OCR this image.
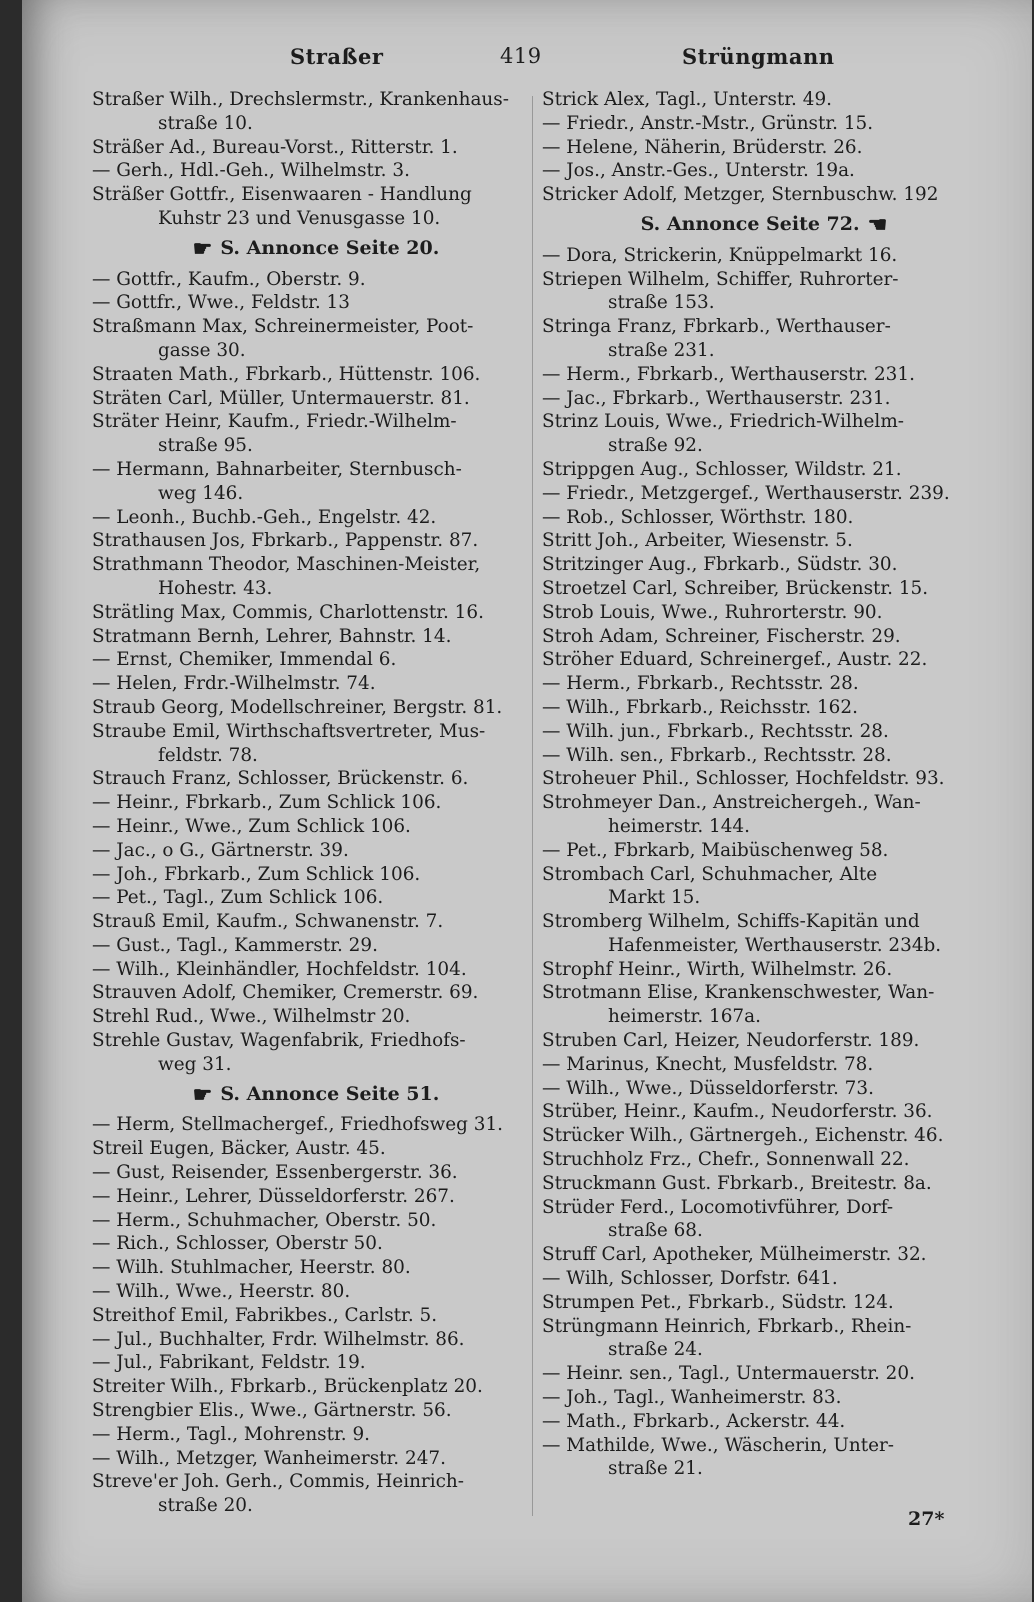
Straßer	419	Strüngmann
Straßer Wilh., Drechslermstr., Krankenhaus-
straße 10.
Sträßer Ad., Bureau-Vorst., Ritterstr. 1.
— Gerh., Hdl.-Geh., Wilhelmstr. 3.
Sträßer Gottfr., Eisenwaaren - Handlung
Kuhstr 23 und Venusgasse 10.
☛ S. Annonce Seite 20.
— Gottfr., Kaufm., Oberstr. 9.
— Gottfr., Wwe., Feldstr. 13
Straßmann Max, Schreinermeister, Poot-
gasse 30.
Straaten Math., Fbrkarb., Hüttenstr. 106.
Sträten Carl, Müller, Untermauerstr. 81.
Sträter Heinr, Kaufm., Friedr.-Wilhelm-
straße 95.
— Hermann, Bahnarbeiter, Sternbusch-
weg 146.
— Leonh., Buchb.-Geh., Engelstr. 42.
Strathausen Jos, Fbrkarb., Pappenstr. 87.
Strathmann Theodor, Maschinen-Meister,
Hohestr. 43.
Strätling Max, Commis, Charlottenstr. 16.
Stratmann Bernh, Lehrer, Bahnstr. 14.
— Ernst, Chemiker, Immendal 6.
— Helen, Frdr.-Wilhelmstr. 74.
Straub Georg, Modellschreiner, Bergstr. 81.
Straube Emil, Wirthschaftsvertreter, Mus-
feldstr. 78.
Strauch Franz, Schlosser, Brückenstr. 6.
— Heinr., Fbrkarb., Zum Schlick 106.
— Heinr., Wwe., Zum Schlick 106.
— Jac., o G., Gärtnerstr. 39.
— Joh., Fbrkarb., Zum Schlick 106.
— Pet., Tagl., Zum Schlick 106.
Strauß Emil, Kaufm., Schwanenstr. 7.
— Gust., Tagl., Kammerstr. 29.
— Wilh., Kleinhändler, Hochfeldstr. 104.
Strauven Adolf, Chemiker, Cremerstr. 69.
Strehl Rud., Wwe., Wilhelmstr 20.
Strehle Gustav, Wagenfabrik, Friedhofs-
weg 31.
☛ S. Annonce Seite 51.
— Herm, Stellmachergef., Friedhofsweg 31.
Streil Eugen, Bäcker, Austr. 45.
— Gust, Reisender, Essenbergerstr. 36.
— Heinr., Lehrer, Düsseldorferstr. 267.
— Herm., Schuhmacher, Oberstr. 50.
— Rich., Schlosser, Oberstr 50.
— Wilh. Stuhlmacher, Heerstr. 80.
— Wilh., Wwe., Heerstr. 80.
Streithof Emil, Fabrikbes., Carlstr. 5.
— Jul., Buchhalter, Frdr. Wilhelmstr. 86.
— Jul., Fabrikant, Feldstr. 19.
Streiter Wilh., Fbrkarb., Brückenplatz 20.
Strengbier Elis., Wwe., Gärtnerstr. 56.
— Herm., Tagl., Mohrenstr. 9.
— Wilh., Metzger, Wanheimerstr. 247.
Streve'er Joh. Gerh., Commis, Heinrich-
straße 20.
Strick Alex, Tagl., Unterstr. 49.
— Friedr., Anstr.-Mstr., Grünstr. 15.
— Helene, Näherin, Brüderstr. 26.
— Jos., Anstr.-Ges., Unterstr. 19a.
Stricker Adolf, Metzger, Sternbuschw. 192
S. Annonce Seite 72. ☚
— Dora, Strickerin, Knüppelmarkt 16.
Striepen Wilhelm, Schiffer, Ruhrorter-
straße 153.
Stringa Franz, Fbrkarb., Werthauser-
straße 231.
— Herm., Fbrkarb., Werthauserstr. 231.
— Jac., Fbrkarb., Werthauserstr. 231.
Strinz Louis, Wwe., Friedrich-Wilhelm-
straße 92.
Strippgen Aug., Schlosser, Wildstr. 21.
— Friedr., Metzgergef., Werthauserstr. 239.
— Rob., Schlosser, Wörthstr. 180.
Stritt Joh., Arbeiter, Wiesenstr. 5.
Stritzinger Aug., Fbrkarb., Südstr. 30.
Stroetzel Carl, Schreiber, Brückenstr. 15.
Strob Louis, Wwe., Ruhrorterstr. 90.
Stroh Adam, Schreiner, Fischerstr. 29.
Ströher Eduard, Schreinergef., Austr. 22.
— Herm., Fbrkarb., Rechtsstr. 28.
— Wilh., Fbrkarb., Reichsstr. 162.
— Wilh. jun., Fbrkarb., Rechtsstr. 28.
— Wilh. sen., Fbrkarb., Rechtsstr. 28.
Stroheuer Phil., Schlosser, Hochfeldstr. 93.
Strohmeyer Dan., Anstreichergeh., Wan-
heimerstr. 144.
— Pet., Fbrkarb, Maibüschenweg 58.
Strombach Carl, Schuhmacher, Alte
Markt 15.
Stromberg Wilhelm, Schiffs-Kapitän und
Hafenmeister, Werthauserstr. 234b.
Strophf Heinr., Wirth, Wilhelmstr. 26.
Strotmann Elise, Krankenschwester, Wan-
heimerstr. 167a.
Struben Carl, Heizer, Neudorferstr. 189.
— Marinus, Knecht, Musfeldstr. 78.
— Wilh., Wwe., Düsseldorferstr. 73.
Strüber, Heinr., Kaufm., Neudorferstr. 36.
Strücker Wilh., Gärtnergeh., Eichenstr. 46.
Struchholz Frz., Chefr., Sonnenwall 22.
Struckmann Gust. Fbrkarb., Breitestr. 8a.
Strüder Ferd., Locomotivführer, Dorf-
straße 68.
Struff Carl, Apotheker, Mülheimerstr. 32.
— Wilh, Schlosser, Dorfstr. 641.
Strumpen Pet., Fbrkarb., Südstr. 124.
Strüngmann Heinrich, Fbrkarb., Rhein-
straße 24.
— Heinr. sen., Tagl., Untermauerstr. 20.
— Joh., Tagl., Wanheimerstr. 83.
— Math., Fbrkarb., Ackerstr. 44.
— Mathilde, Wwe., Wäscherin, Unter-
straße 21.
27*
